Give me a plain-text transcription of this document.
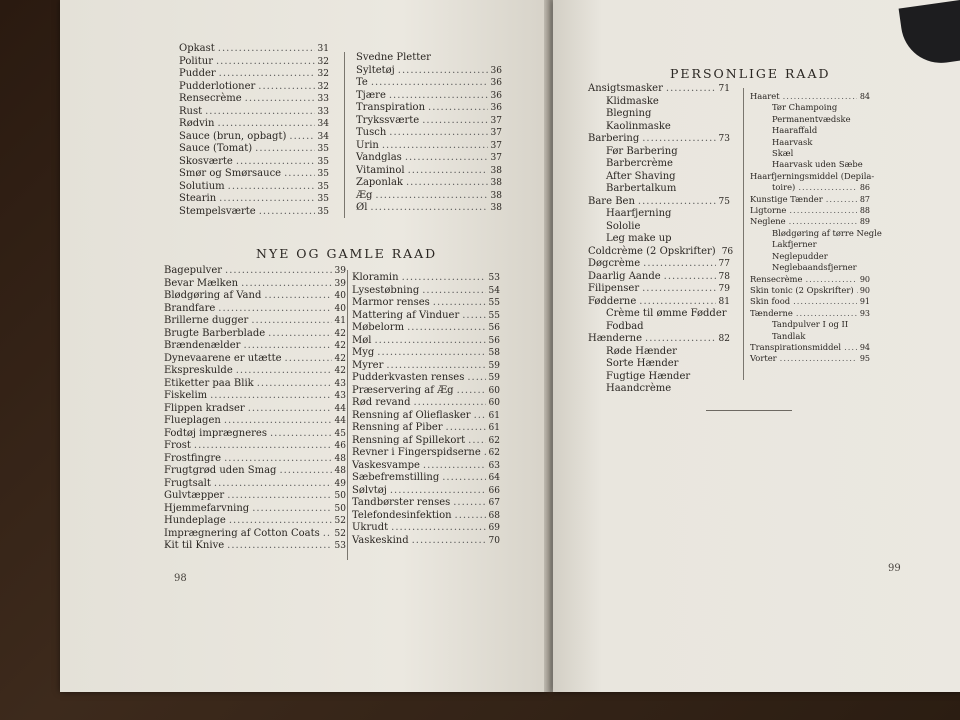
Opkast .....	31
Politur .....	32
Pudder .....	32
Pudderlotioner .....	32
Rensecrème .....	33
Rust .....	33
Rødvin .....	34
Sauce (brun, opbagt) .....	34
Sauce (Tomat) .....	35
Skosværte .....	35
Smør og Smørsauce .....	35
Solutium .....	35
Stearin .....	35
Stempelsværte .....	35
Svedne Pletter
Syltetøj .....	36
Te .....	36
Tjære .....	36
Transpiration .....	36
Trykssværte .....	37
Tusch .....	37
Urin .....	37
Vandglas .....	37
Vitaminol .....	38
Zaponlak .....	38
Æg .....	38
Øl .....	38
NYE OG GAMLE RAAD
Bagepulver .....	39
Bevar Mælken .....	39
Blødgøring af Vand .....	40
Brandfare .....	40
Brillerne dugger .....	41
Brugte Barberblade .....	42
Brændenælder .....	42
Dynevaarene er utætte .....	42
Ekspreskulde .....	42
Etiketter paa Blik .....	43
Fiskelim .....	43
Flippen kradser .....	44
Flueplagen .....	44
Fodtøj imprægneres .....	45
Frost .....	46
Frostfingre .....	48
Frugtgrød uden Smag .....	48
Frugtsalt .....	49
Gulvtæpper .....	50
Hjemmefarvning .....	50
Hundeplage .....	52
Imprægnering af Cotton Coats ..... 52
Kit til Knive .....	53
Kloramin .....	53
Lysestøbning .....	54
Marmor renses .....	55
Mattering af Vinduer .....	55
Møbelorm .....	56
Møl .....	56
Myg .....	58
Myrer .....	59
Pudderkvasten renses .....	59
Præservering af Æg .....	60
Rød revand .....	60
Rensning af Olieflasker ..... 61
Rensning af Piber .....	61
Rensning af Spillekort .....	62
Revner i Fingerspidserne ..... 62
Vaskesvampe .....	63
Sæbefremstilling .....	64
Sølvtøj .....	66
Tandbørster renses .....	67
Telefondesinfektion .....	68
Ukrudt .....	69
Vaskeskind .....	70
98
PERSONLIGE RAAD
Ansigtsmasker .....	71
Klidmaske
Blegning
Kaolinmaske
Barbering .....	73
Før Barbering
Barbercrème
After Shaving
Barbertalkum
Bare Ben .....	75
Haarfjerning
Sololie
Leg make up
Coldcrème (2 Opskrifter) 76
Døgcrème .....	77
Daarlig Aande .....	78
Filipenser .....	79
Fødderne .....	81
Crème til ømme Fødder
Fodbad
Hænderne .....	82
Røde Hænder
Sorte Hænder
Fugtige Hænder
Haandcrème
Haaret .....	84
Tør Champoing
Permanentvædske
Haaraffald
Haarvask
Skæl
Haarvask uden Sæbe
Haarfjerningsmiddel (Depila-
toire) .....	86
Kunstige Tænder .....	87
Ligtorne .....	88
Neglene .....	89
Blødgøring af tørre Negle
Lakfjerner
Neglepudder
Neglebaandsfjerner
Rensecrème .....	90
Skin tonic (2 Opskrifter) ..... 90
Skin food .....	91
Tænderne .....	93
Tandpulver I og II
Tandlak
Transpirationsmiddel ..... 94
Vorter .....	95
99
